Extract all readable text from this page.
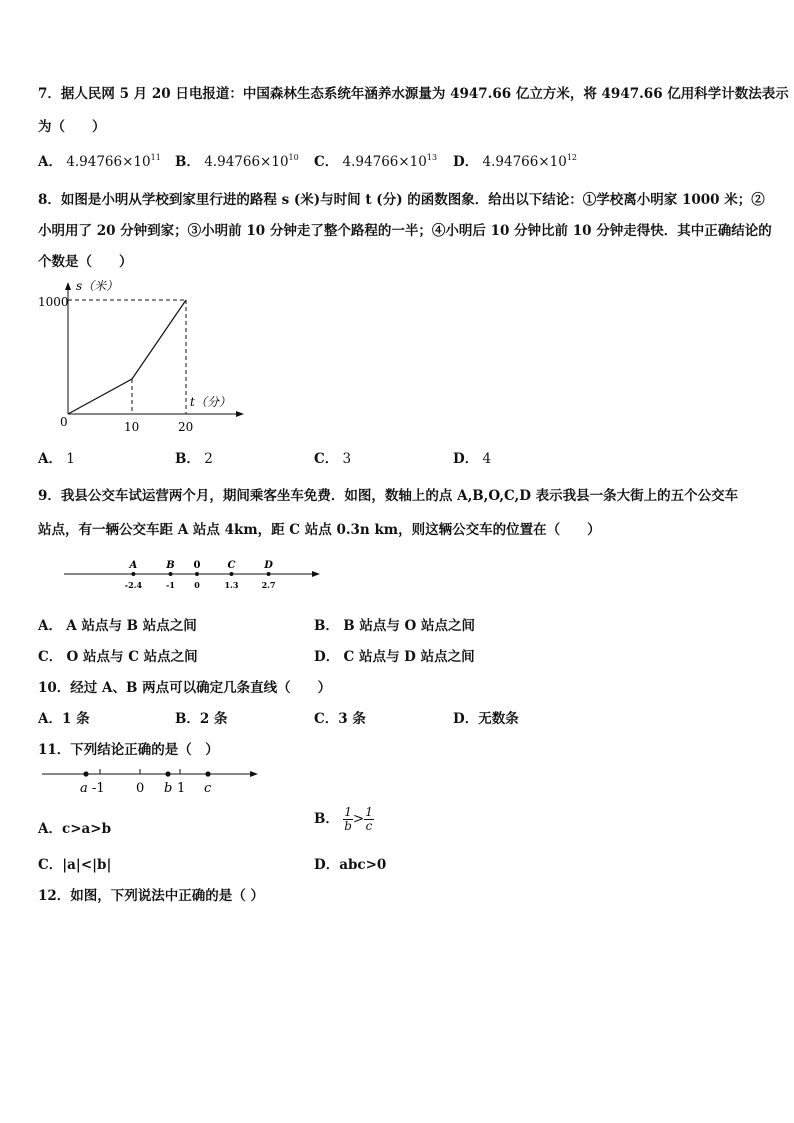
7．据人民网 5 月 20 日电报道：中国森林生态系统年涵养水源量为 4947.66 亿立方米，将 4947.66 亿用科学计数法表示
为（　　）
A． $4.94766\times 10^{11}$ B． $4.94766\times 10^{10}$ C． $4.94766\times 10^{13}$ D． $4.94766\times 10^{12}$
8．如图是小明从学校到家里行进的路程 s (米)与时间 t (分) 的函数图象．给出以下结论：①学校离小明家 1000 米；②
小明用了 20 分钟到家；③小明前 10 分钟走了整个路程的一半；④小明后 10 分钟比前 10 分钟走得快．其中正确结论的
个数是（　　）
s（米）
1000
t（分）
0	10	20
A． 1	B． 2	C． 3	D． 4
9．我县公交车试运营两个月，期间乘客坐车免费．如图，数轴上的点 A,B,O,C,D 表示我县一条大街上的五个公交车
站点，有一辆公交车距 A 站点 4km，距 C 站点 0.3n km，则这辆公交车的位置在（　　）
A
-2.4
B
-1
0
0
C
1.3
D
2.7
A． A 站点与 B 站点之间	B． B 站点与 O 站点之间
C． O 站点与 C 站点之间	D． C 站点与 D 站点之间
10．经过 A、B 两点可以确定几条直线（　　）
A．1 条	B．2 条	C．3 条	D．无数条
11．下列结论正确的是（　）
a -1 0 b 1 c
A．c>a>b
B． $\frac{1}{b} > \frac{1}{c}$
C．|a|<|b|	D．abc>0
12．如图，下列说法中正确的是（ ）
